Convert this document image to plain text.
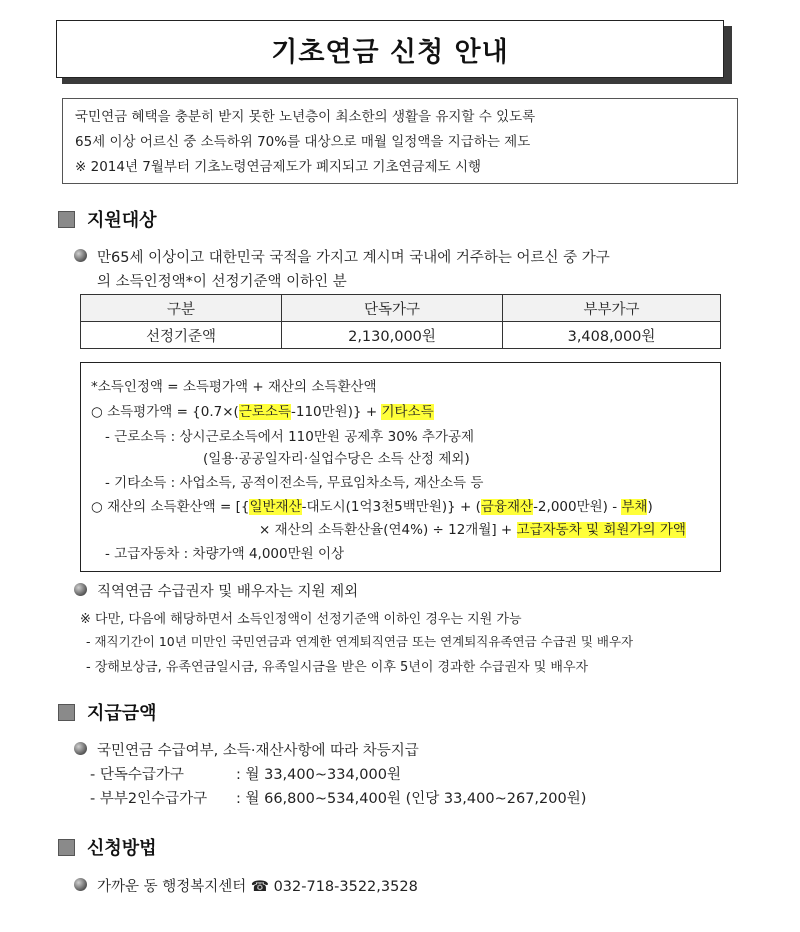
기초연금 신청 안내
국민연금 혜택을 충분히 받지 못한 노년층이 최소한의 생활을 유지할 수 있도록
65세 이상 어르신 중 소득하위 70%를 대상으로 매월 일정액을 지급하는 제도
※ 2014년 7월부터 기초노령연금제도가 폐지되고 기초연금제도 시행
지원대상
만65세 이상이고 대한민국 국적을 가지고 계시며 국내에 거주하는 어르신 중 가구
의 소득인정액*이 선정기준액 이하인 분
구분	단독가구	부부가구
선정기준액	2,130,000원	3,408,000원
*소득인정액 = 소득평가액 + 재산의 소득환산액
○ 소득평가액 = {0.7×(근로소득-110만원)} + 기타소득
- 근로소득 : 상시근로소득에서 110만원 공제후 30% 추가공제
(일용·공공일자리·실업수당은 소득 산정 제외)
- 기타소득 : 사업소득, 공적이전소득, 무료임차소득, 재산소득 등
○ 재산의 소득환산액 = [{일반재산-대도시(1억3천5백만원)} + (금융재산-2,000만원) - 부채)
× 재산의 소득환산율(연4%) ÷ 12개월] + 고급자동차 및 회원가의 가액
- 고급자동차 : 차량가액 4,000만원 이상
직역연금 수급권자 및 배우자는 지원 제외
※ 다만, 다음에 해당하면서 소득인정액이 선정기준액 이하인 경우는 지원 가능
- 재직기간이 10년 미만인 국민연금과 연계한 연계퇴직연금 또는 연계퇴직유족연금 수급권 및 배우자
- 장해보상금, 유족연금일시금, 유족일시금을 받은 이후 5년이 경과한 수급권자 및 배우자
지급금액
국민연금 수급여부, 소득·재산사항에 따라 차등지급
- 단독수급가구	: 월 33,400~334,000원
- 부부2인수급가구 : 월 66,800~534,400원 (인당 33,400~267,200원)
신청방법
가까운 동 행정복지센터 ☎ 032-718-3522,3528
